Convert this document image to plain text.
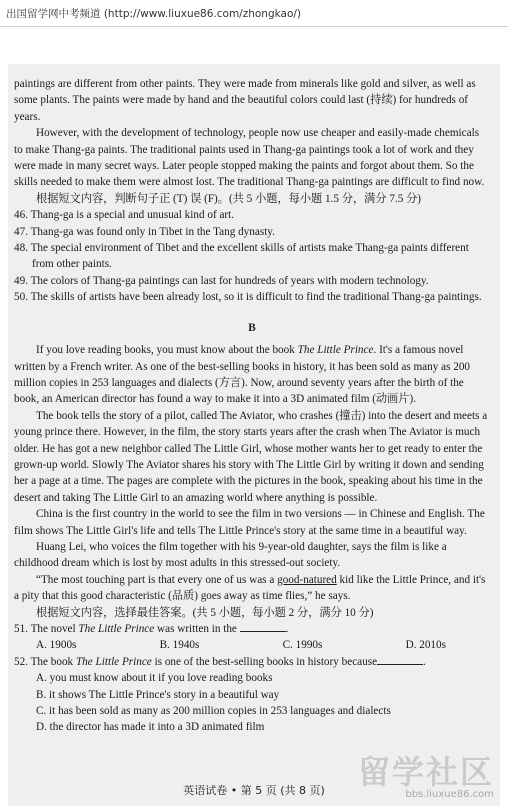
出国留学网中考频道 (http://www.liuxue86.com/zhongkao/)

paintings are different from other paints. They were made from minerals like gold and silver, as well as some plants. The paints were made by hand and the beautiful colors could last (持续) for hundreds of years.

However, with the development of technology, people now use cheaper and easily-made chemicals to make Thang-ga paints. The traditional paints used in Thang-ga paintings took a lot of work and they were made in many secret ways. Later people stopped making the paints and forgot about them. So the skills needed to make them were almost lost. The traditional Thang-ga paintings are difficult to find now.

根据短文内容，判断句子正 (T) 误 (F)。(共 5 小题，每小题 1.5 分，满分 7.5 分)

46. Thang-ga is a special and unusual kind of art.

47. Thang-ga was found only in Tibet in the Tang dynasty.

48. The special environment of Tibet and the excellent skills of artists make Thang-ga paints different from other paints.

49. The colors of Thang-ga paintings can last for hundreds of years with modern technology.

50. The skills of artists have been already lost, so it is difficult to find the traditional Thang-ga paintings.

B

If you love reading books, you must know about the book The Little Prince. It's a famous novel written by a French writer. As one of the best-selling books in history, it has been sold as many as 200 million copies in 253 languages and dialects (方言). Now, around seventy years after the birth of the book, an American director has found a way to make it into a 3D animated film (动画片).

The book tells the story of a pilot, called The Aviator, who crashes (撞击) into the desert and meets a young prince there. However, in the film, the story starts years after the crash when The Aviator is much older. He has got a new neighbor called The Little Girl, whose mother wants her to get ready to enter the grown-up world. Slowly The Aviator shares his story with The Little Girl by writing it down and sending her a page at a time. The pages are complete with the pictures in the book, speaking about his time in the desert and taking The Little Girl to an amazing world where anything is possible.

China is the first country in the world to see the film in two versions — in Chinese and English. The film shows The Little Girl's life and tells The Little Prince's story at the same time in a beautiful way.

Huang Lei, who voices the film together with his 9-year-old daughter, says the film is like a childhood dream which is lost by most adults in this stressed-out society.

“The most touching part is that every one of us was a good-natured kid like the Little Prince, and it's a pity that this good characteristic (品质) goes away as time flies,” he says.

根据短文内容，选择最佳答案。(共 5 小题，每小题 2 分，满分 10 分)

51. The novel The Little Prince was written in the	.

A. 1900s	B. 1940s	C. 1990s	D. 2010s

52. The book The Little Prince is one of the best-selling books in history because	.

A. you must know about it if you love reading books

B. it shows The Little Prince's story in a beautiful way

C. it has been sold as many as 200 million copies in 253 languages and dialects

D. the director has made it into a 3D animated film

英语试卷 • 第 5 页 (共 8 页)	留学社区
bbs.liuxue86.com
